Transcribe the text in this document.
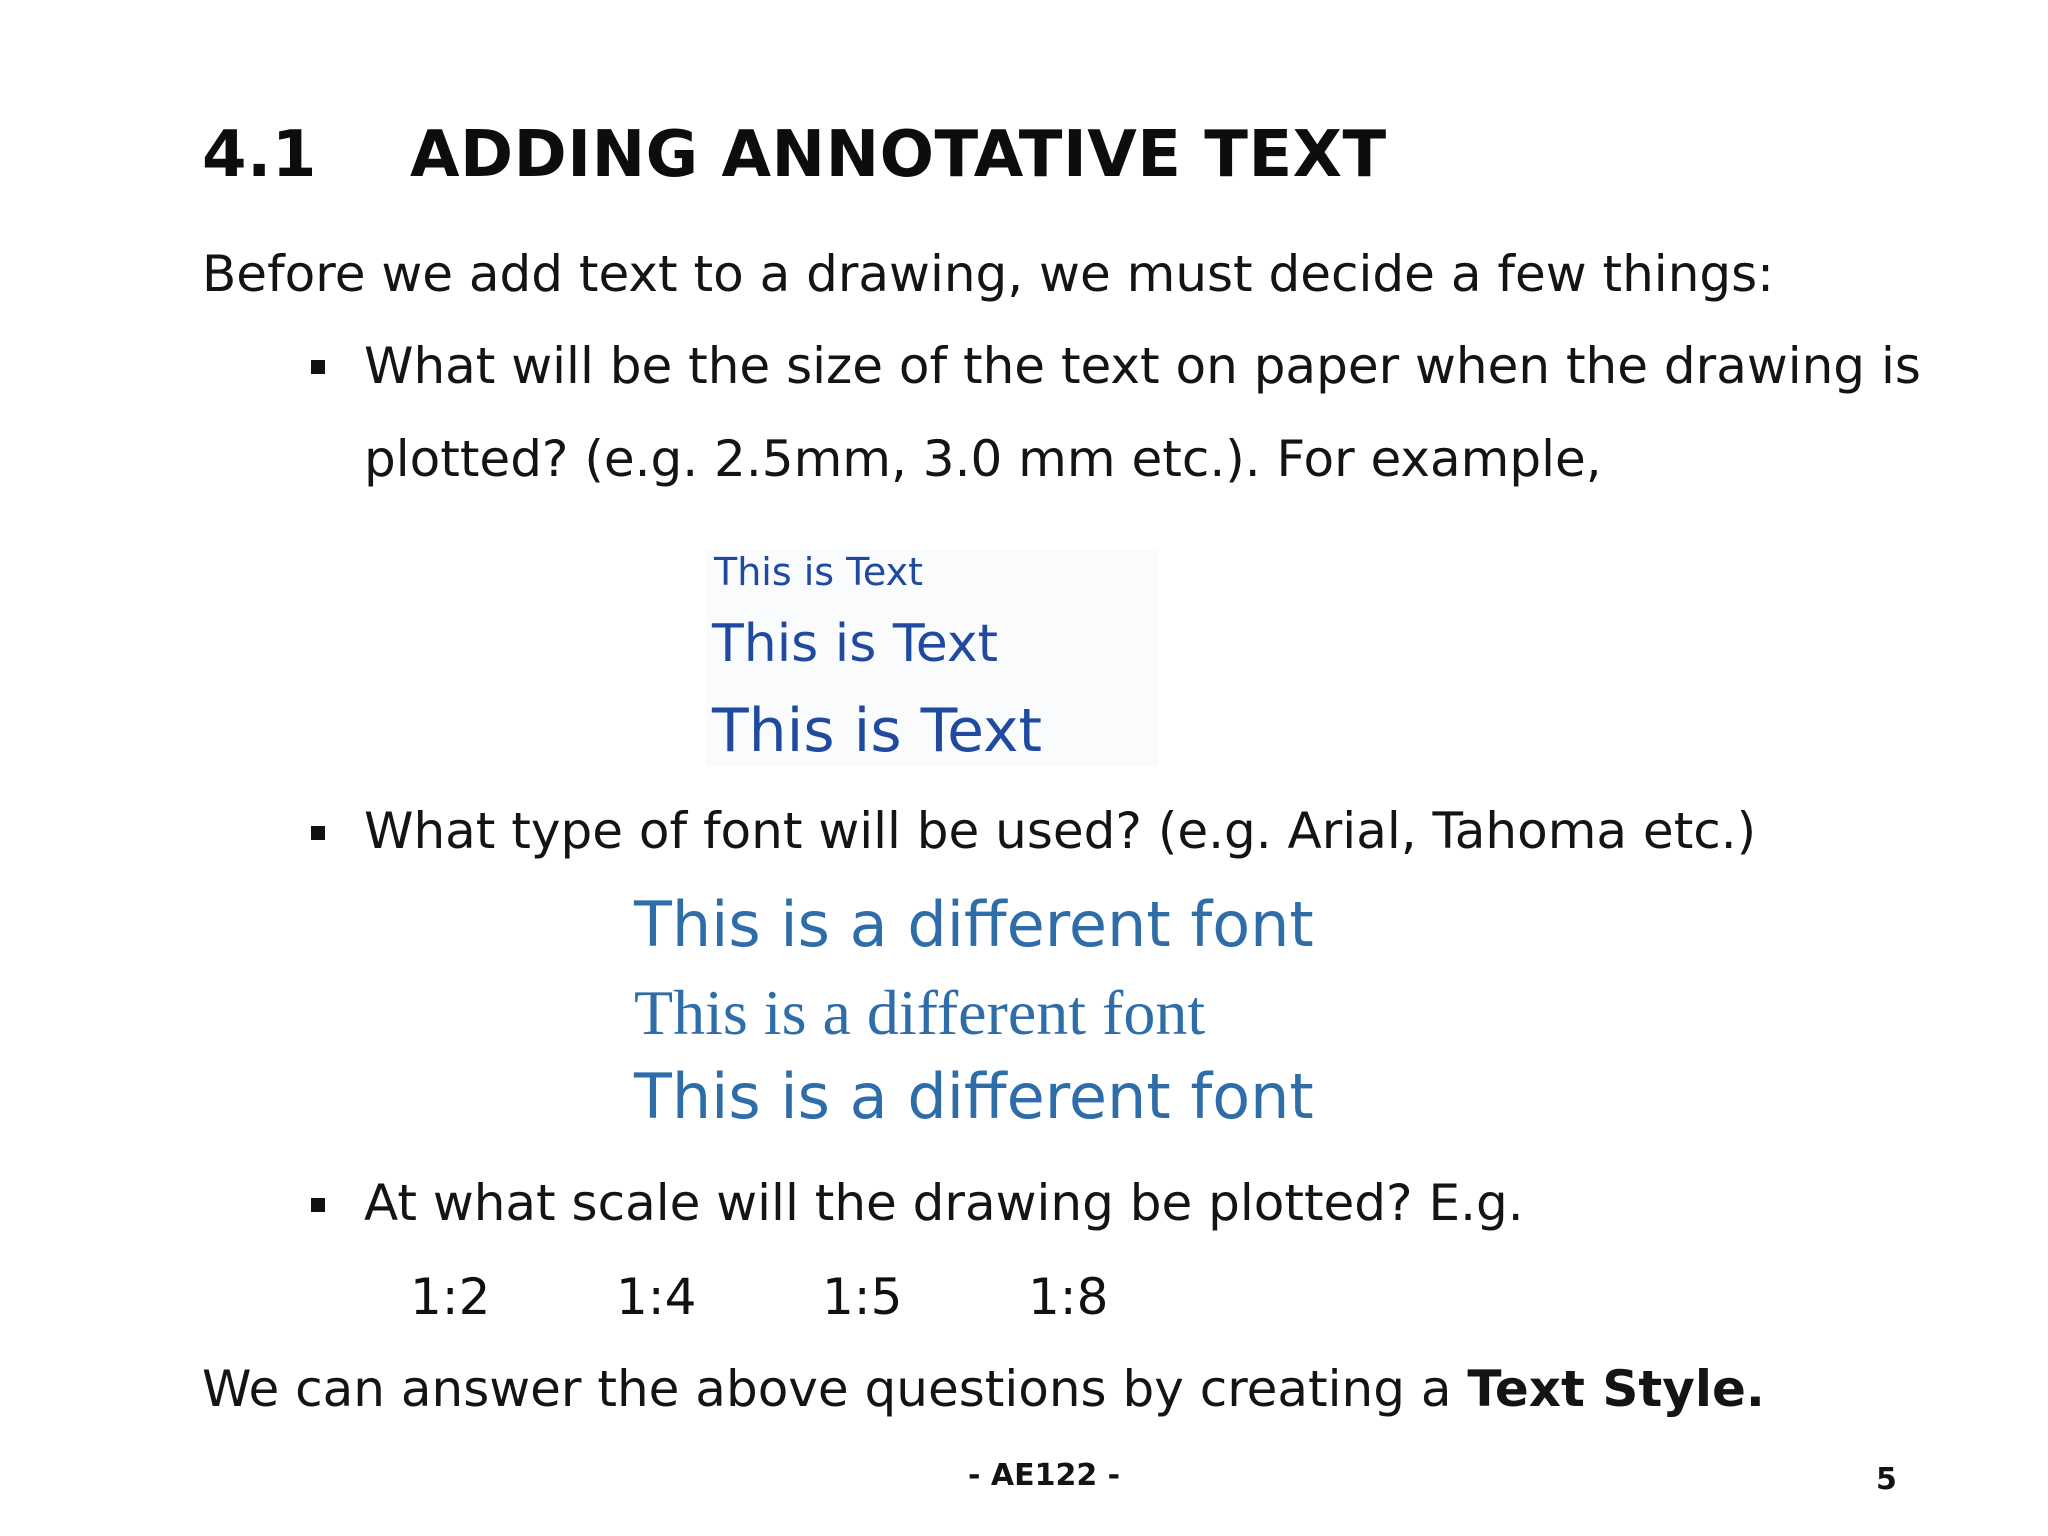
4.1 ADDING ANNOTATIVE TEXT
Before we add text to a drawing, we must decide a few things:
What will be the size of the text on paper when the drawing is
plotted? (e.g. 2.5mm, 3.0 mm etc.). For example,
This is Text
This is Text
This is Text
What type of font will be used? (e.g. Arial, Tahoma etc.)
This is a different font
This is a different font
This is a different font
At what scale will the drawing be plotted? E.g.
1:2	1:4	1:5	1:8
We can answer the above questions by creating a Text Style.
- AE122 -	5
